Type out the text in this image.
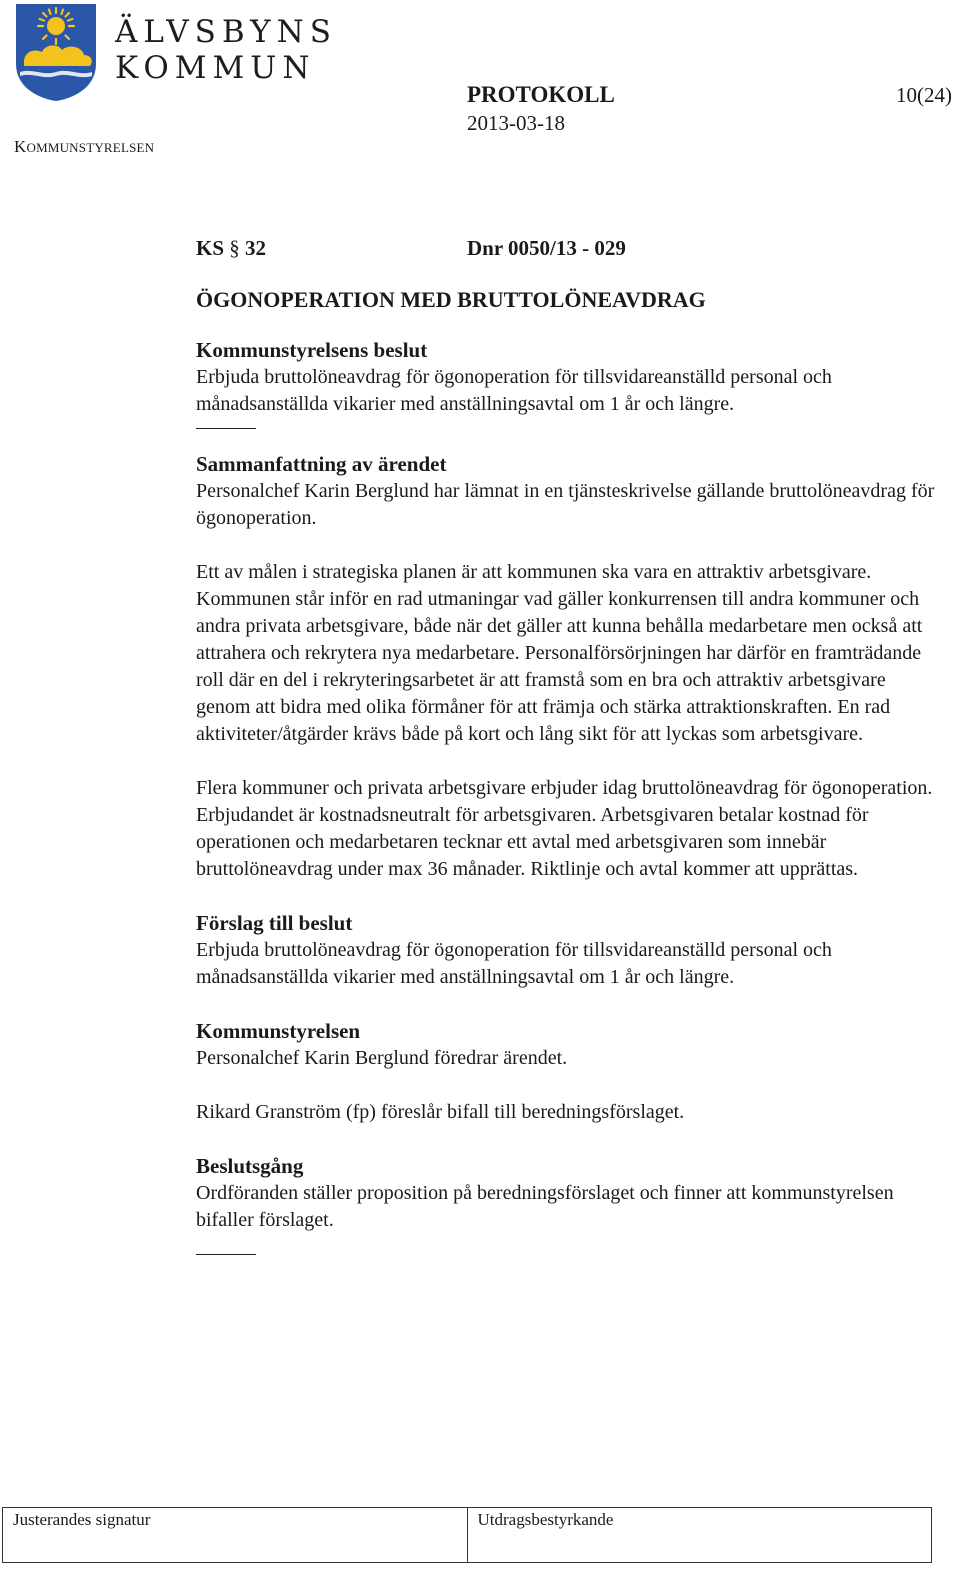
ÄLVSBYNS
KOMMUN
KOMMUNSTYRELSEN
PROTOKOLL
2013-03-18
10(24)
KS § 32	Dnr 0050/13 - 029
ÖGONOPERATION MED BRUTTOLÖNEAVDRAG
Kommunstyrelsens beslut

Erbjuda bruttolöneavdrag för ögonoperation för tillsvidareanställd personal och månadsanställda vikarier med anställningsavtal om 1 år och längre.

Sammanfattning av ärendet

Personalchef Karin Berglund har lämnat in en tjänsteskrivelse gällande bruttolöneavdrag för ögonoperation.

Ett av målen i strategiska planen är att kommunen ska vara en attraktiv arbetsgivare. Kommunen står inför en rad utmaningar vad gäller konkurrensen till andra kommuner och andra privata arbetsgivare, både när det gäller att kunna behålla medarbetare men också att attrahera och rekrytera nya medarbetare. Personalförsörjningen har därför en framträdande roll där en del i rekryteringsarbetet är att framstå som en bra och attraktiv arbetsgivare genom att bidra med olika förmåner för att främja och stärka attraktionskraften. En rad aktiviteter/åtgärder krävs både på kort och lång sikt för att lyckas som arbetsgivare.

Flera kommuner och privata arbetsgivare erbjuder idag bruttolöneavdrag för ögonoperation. Erbjudandet är kostnadsneutralt för arbetsgivaren. Arbetsgivaren betalar kostnad för operationen och medarbetaren tecknar ett avtal med arbetsgivaren som innebär bruttolöneavdrag under max 36 månader. Riktlinje och avtal kommer att upprättas.

Förslag till beslut

Erbjuda bruttolöneavdrag för ögonoperation för tillsvidareanställd personal och månadsanställda vikarier med anställningsavtal om 1 år och längre.

Kommunstyrelsen

Personalchef Karin Berglund föredrar ärendet.

Rikard Granström (fp) föreslår bifall till beredningsförslaget.

Beslutsgång

Ordföranden ställer proposition på beredningsförslaget och finner att kommunstyrelsen bifaller förslaget.

Justerandes signatur	Utdragsbestyrkande
